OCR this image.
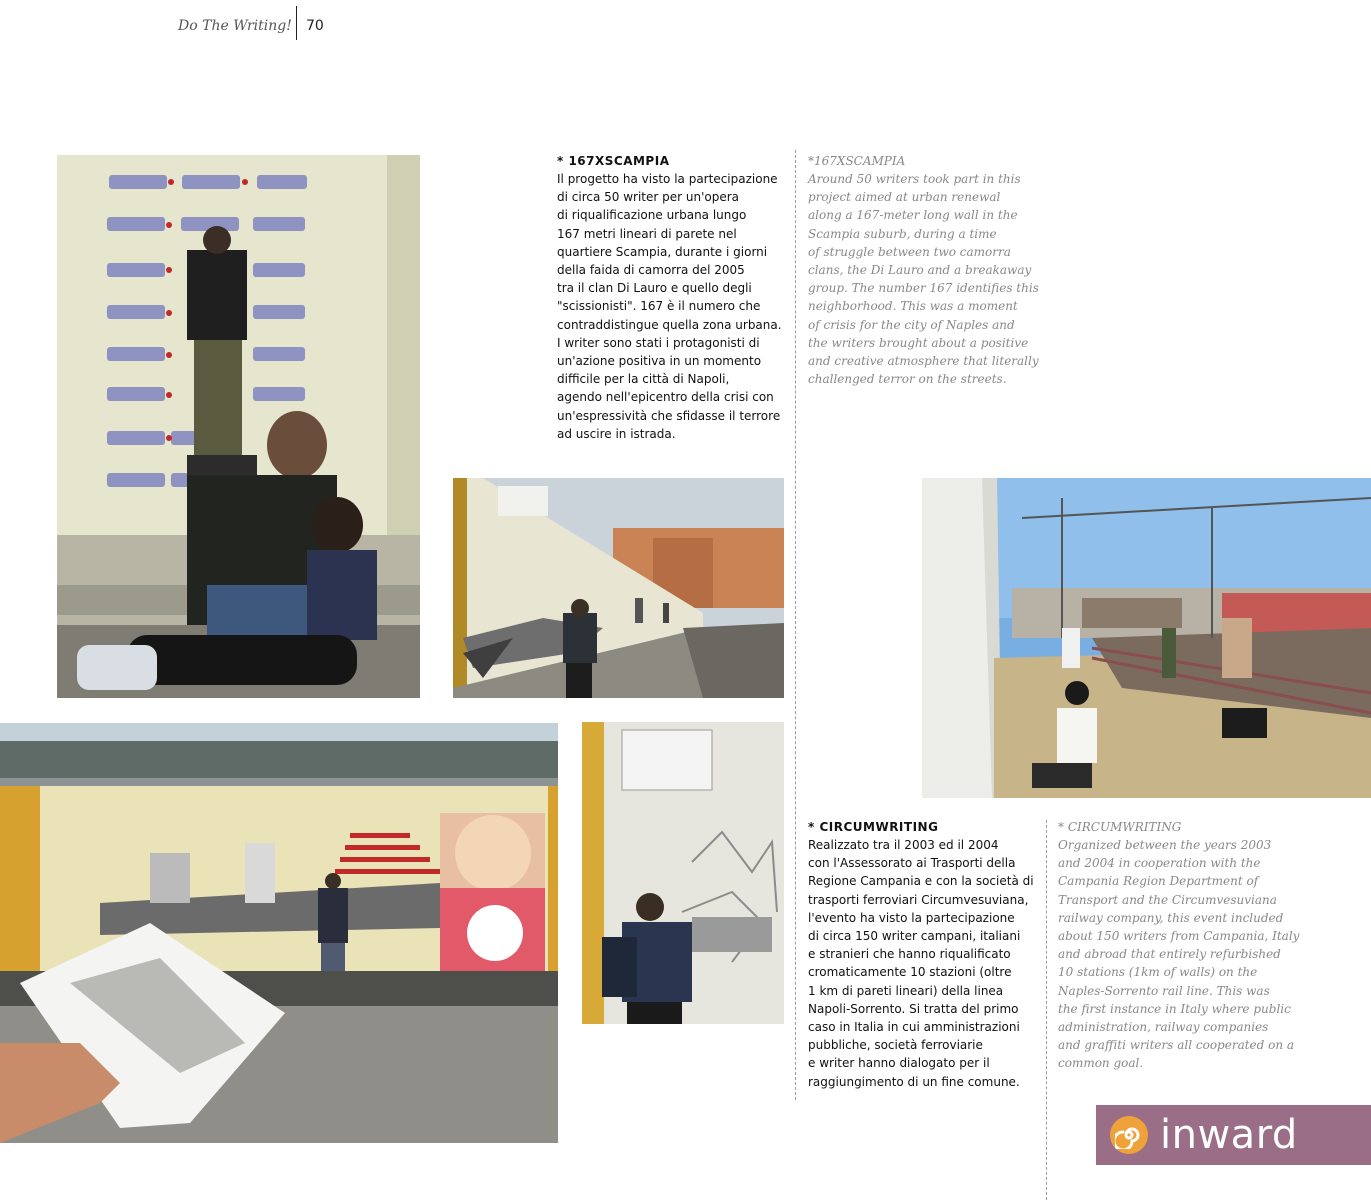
Do The Writing! 70

* 167XSCAMPIA

Il progetto ha visto la partecipazione
di circa 50 writer per un'opera
di riqualificazione urbana lungo
167 metri lineari di parete nel
quartiere Scampia, durante i giorni
della faida di camorra del 2005
tra il clan Di Lauro e quello degli
"scissionisti". 167 è il numero che
contraddistingue quella zona urbana.
I writer sono stati i protagonisti di
un'azione positiva in un momento
difficile per la città di Napoli,
agendo nell'epicentro della crisi con
un'espressività che sfidasse il terrore
ad uscire in istrada.

*167XSCAMPIA

Around 50 writers took part in this
project aimed at urban renewal
along a 167-meter long wall in the
Scampia suburb, during a time
of struggle between two camorra
clans, the Di Lauro and a breakaway
group. The number 167 identifies this
neighborhood. This was a moment
of crisis for the city of Naples and
the writers brought about a positive
and creative atmosphere that literally
challenged terror on the streets.

* CIRCUMWRITING

Realizzato tra il 2003 ed il 2004
con l'Assessorato ai Trasporti della
Regione Campania e con la società di
trasporti ferroviari Circumvesuviana,
l'evento ha visto la partecipazione
di circa 150 writer campani, italiani
e stranieri che hanno riqualificato
cromaticamente 10 stazioni (oltre
1 km di pareti lineari) della linea
Napoli-Sorrento. Si tratta del primo
caso in Italia in cui amministrazioni
pubbliche, società ferroviarie
e writer hanno dialogato per il
raggiungimento di un fine comune.

* CIRCUMWRITING

Organized between the years 2003
and 2004 in cooperation with the
Campania Region Department of
Transport and the Circumvesuviana
railway company, this event included
about 150 writers from Campania, Italy
and abroad that entirely refurbished
10 stations (1km of walls) on the
Naples-Sorrento rail line. This was
the first instance in Italy where public
administration, railway companies
and graffiti writers all cooperated on a
common goal.

inward
